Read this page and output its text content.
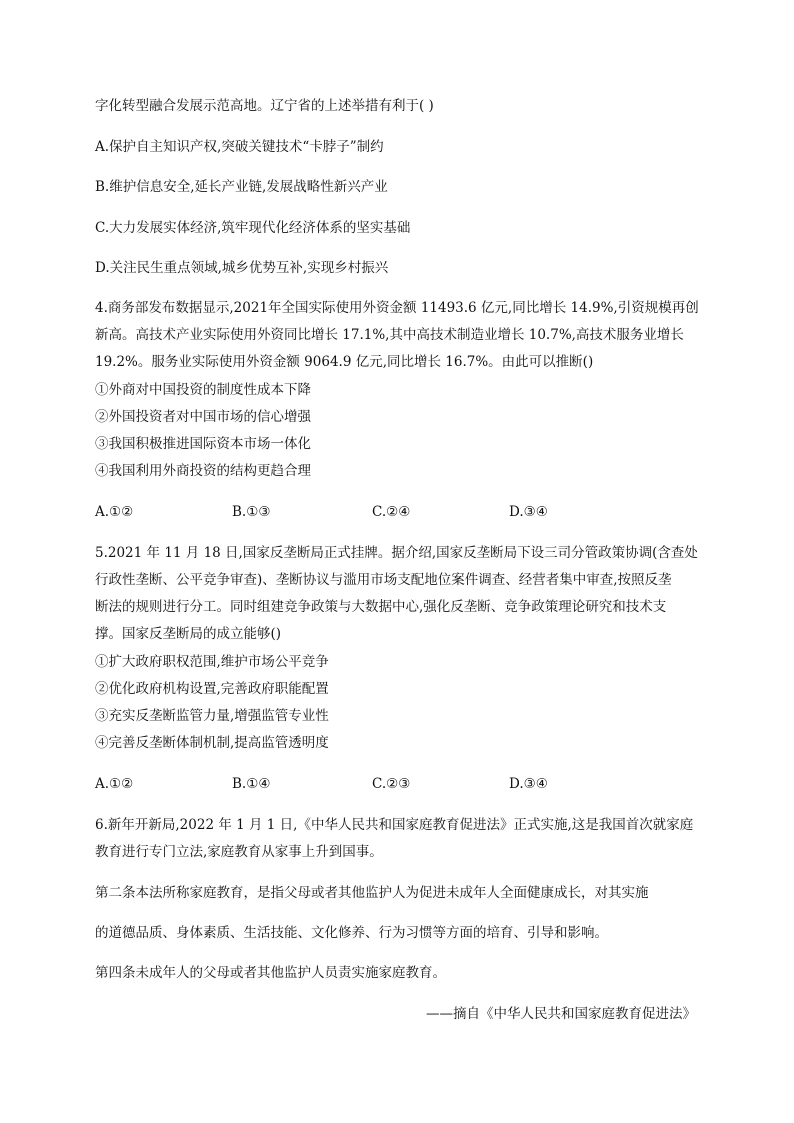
字化转型融合发展示范高地。辽宁省的上述举措有利于( )
A.保护自主知识产权,突破关键技术“卡脖子”制约
B.维护信息安全,延长产业链,发展战略性新兴产业
C.大力发展实体经济,筑牢现代化经济体系的坚实基础
D.关注民生重点领域,城乡优势互补,实现乡村振兴
4.商务部发布数据显示,2021年全国实际使用外资金额 11493.6 亿元,同比增长 14.9%,引资规模再创
新高。高技术产业实际使用外资同比增长 17.1%,其中高技术制造业增长 10.7%,高技术服务业增长
19.2%。服务业实际使用外资金额 9064.9 亿元,同比增长 16.7%。由此可以推断()
①外商对中国投资的制度性成本下降
②外国投资者对中国市场的信心增强
③我国积极推进国际资本市场一体化
④我国利用外商投资的结构更趋合理
A.①②	B.①③	C.②④	D.③④
5.2021 年 11 月 18 日,国家反垄断局正式挂牌。据介绍,国家反垄断局下设三司分管政策协调(含查处
行政性垄断、公平竞争审查)、垄断协议与滥用市场支配地位案件调查、经营者集中审查,按照反垄
断法的规则进行分工。同时组建竞争政策与大数据中心,强化反垄断、竞争政策理论研究和技术支
撑。国家反垄断局的成立能够()
①扩大政府职权范围,维护市场公平竞争
②优化政府机构设置,完善政府职能配置
③充实反垄断监管力量,增强监管专业性
④完善反垄断体制机制,提高监管透明度
A.①②	B.①④	C.②③	D.③④
6.新年开新局,2022 年 1 月 1 日,《中华人民共和国家庭教育促进法》正式实施,这是我国首次就家庭
教育进行专门立法,家庭教育从家事上升到国事。
第二条本法所称家庭教育，是指父母或者其他监护人为促进未成年人全面健康成长，对其实施
的道德品质、身体素质、生活技能、文化修养、行为习惯等方面的培育、引导和影响。
第四条未成年人的父母或者其他监护人员责实施家庭教育。
——摘自《中华人民共和国家庭教育促进法》
